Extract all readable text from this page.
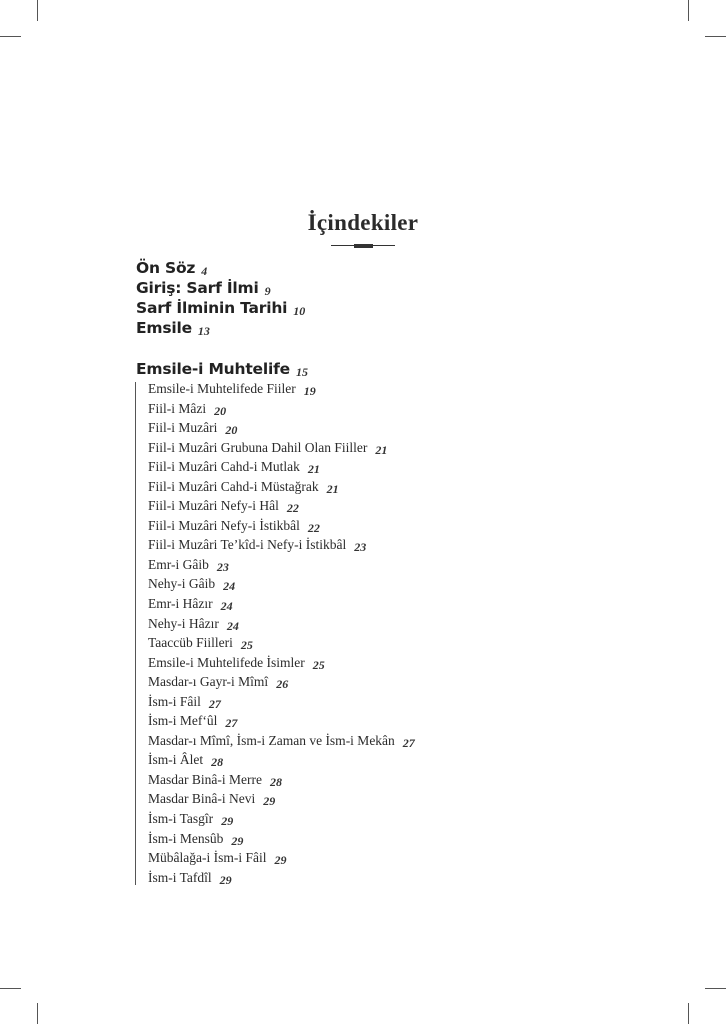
İçindekiler
Ön Söz 4
Giriş: Sarf İlmi 9
Sarf İlminin Tarihi 10
Emsile 13
Emsile-i Muhtelife 15
Emsile-i Muhtelifede Fiiler 19
Fiil-i Mâzi 20
Fiil-i Muzâri 20
Fiil-i Muzâri Grubuna Dahil Olan Fiiller 21
Fiil-i Muzâri Cahd-i Mutlak 21
Fiil-i Muzâri Cahd-i Müstağrak 21
Fiil-i Muzâri Nefy-i Hâl 22
Fiil-i Muzâri Nefy-i İstikbâl 22
Fiil-i Muzâri Te’kîd-i Nefy-i İstikbâl 23
Emr-i Gâib 23
Nehy-i Gâib 24
Emr-i Hâzır 24
Nehy-i Hâzır 24
Taaccüb Fiilleri 25
Emsile-i Muhtelifede İsimler 25
Masdar-ı Gayr-i Mîmî 26
İsm-i Fâil 27
İsm-i Mef‘ûl 27
Masdar-ı Mîmî, İsm-i Zaman ve İsm-i Mekân 27
İsm-i Âlet 28
Masdar Binâ-i Merre 28
Masdar Binâ-i Nevi 29
İsm-i Tasgîr 29
İsm-i Mensûb 29
Mübâlağa-i İsm-i Fâil 29
İsm-i Tafdîl 29
